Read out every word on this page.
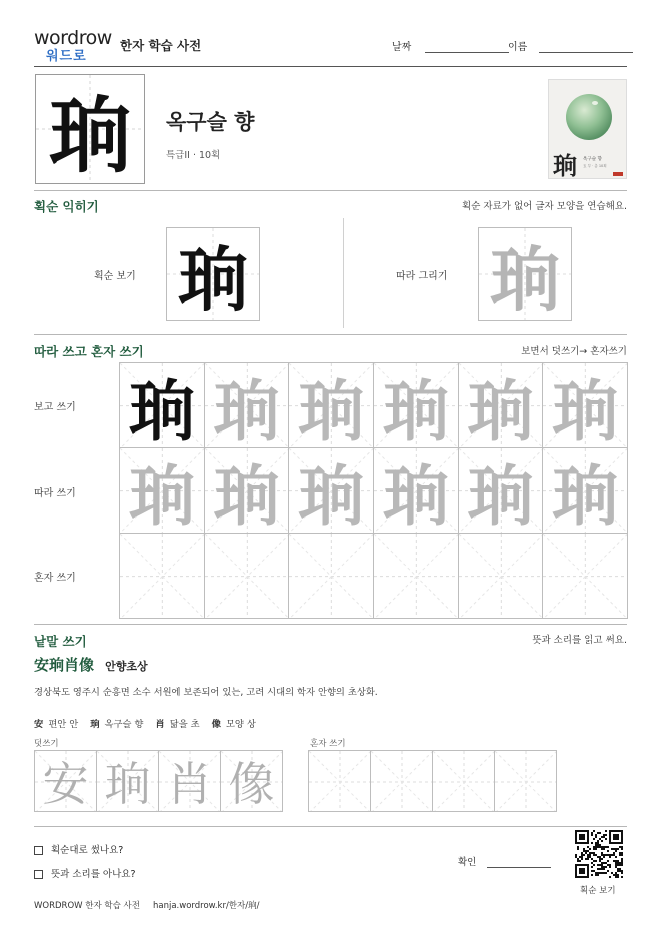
wordrow
워드로
한자 학습 사전	날짜	이름
珦	옥구슬 향
특급II · 10획	珦 옥구슬 향
玉 부 · 총 10획
획순 익히기	획순 자료가 없어 글자 모양을 연습해요.
획순 보기 珦	따라 그리기 珦
따라 쓰고 혼자 쓰기	보면서 덧쓰기→ 혼자쓰기
보고 쓰기
따라 쓰기
혼자 쓰기
珦 珦 珦 珦 珦 珦
珦 珦 珦 珦 珦 珦
낱말 쓰기	뜻과 소리를 읽고 써요.
安珦肖像 안향초상
경상북도 영주시 순흥면 소수 서원에 보존되어 있는, 고려 시대의 학자 안향의 초상화.
安 편안 안 珦 옥구슬 향 肖 닮을 초 像 모양 상
덧쓰기	혼자 쓰기
安 珦 肖 像
획순대로 썼나요?
뜻과 소리를 아나요?
확인
획순 보기
WORDROW 한자 학습 사전 hanja.wordrow.kr/한자/珦/
